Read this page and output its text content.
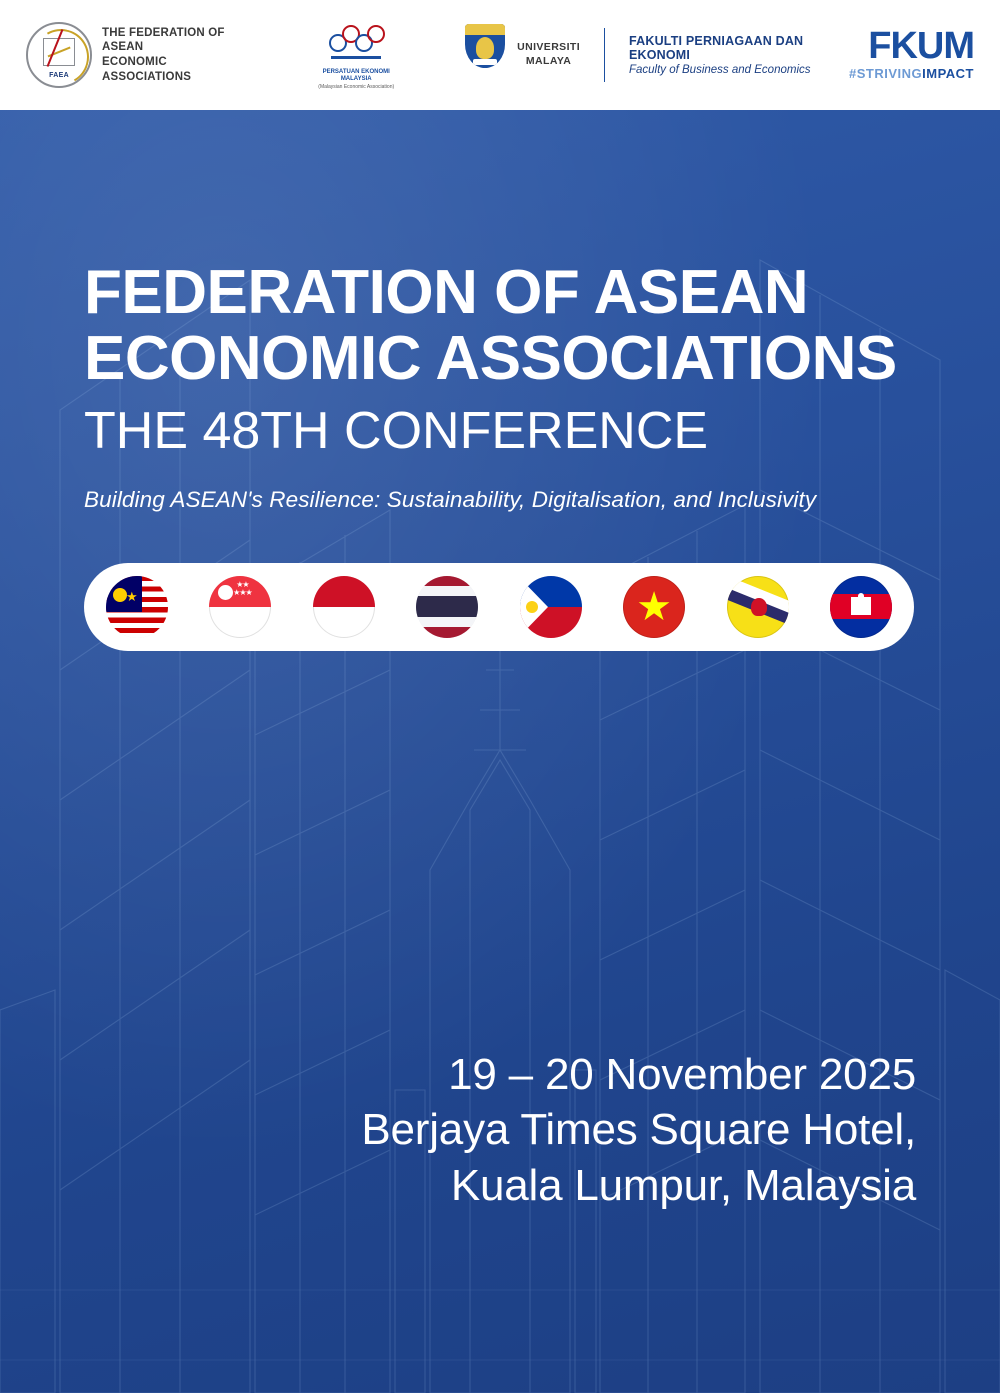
FAEA
THE FEDERATION OF ASEAN
ECONOMIC ASSOCIATIONS	PERSATUAN EKONOMI MALAYSIA
(Malaysian Economic Association)
UNIVERSITI
MALAYA
FAKULTI PERNIAGAAN DAN EKONOMI
Faculty of Business and Economics
FKUM
#STRIVINGIMPACT
FEDERATION OF ASEAN
ECONOMIC ASSOCIATIONS
THE 48TH CONFERENCE
Building ASEAN's Resilience: Sustainability, Digitalisation, and Inclusivity
★
★★
★★★	★
19 – 20 November 2025
Berjaya Times Square Hotel,
Kuala Lumpur, Malaysia
